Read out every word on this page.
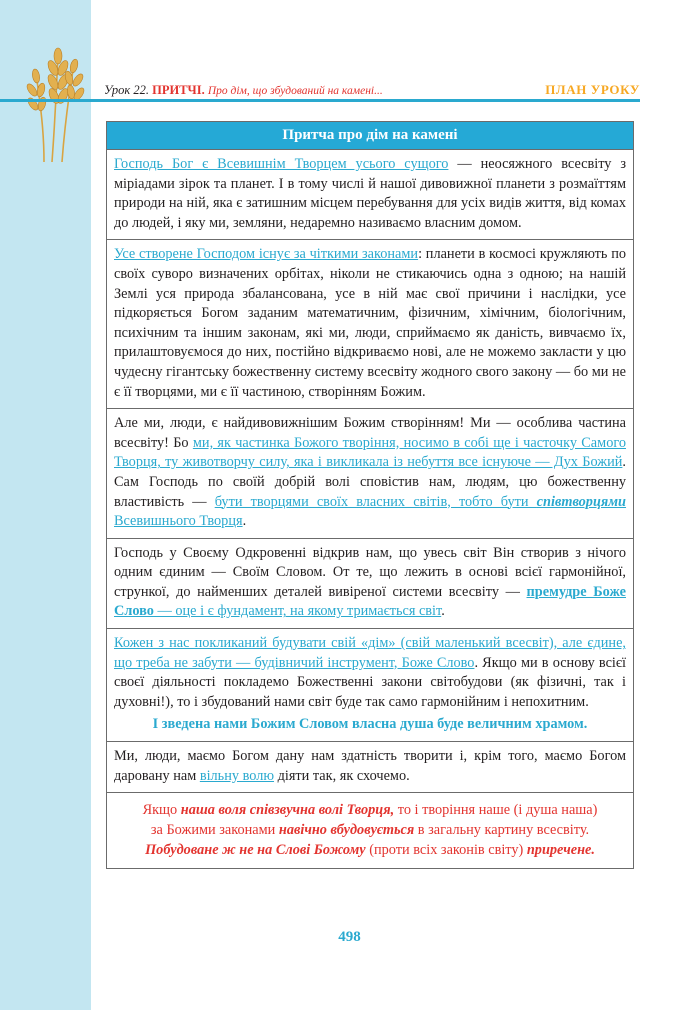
Урок 22. ПРИТЧІ. Про дім, що збудований на камені...	ПЛАН УРОКУ
Притча про дім на камені
Господь Бог є Всевишнім Творцем усього сущого — неосяжного всесвіту з міріадами зірок та планет. І в тому числі й нашої дивовижної планети з розмаїттям природи на ній, яка є затишним місцем перебування для усіх видів життя, від комах до людей, і яку ми, земляни, недаремно називаємо власним домом.
Усе створене Господом існує за чіткими законами: планети в космосі кружляють по своїх суворо визначених орбітах, ніколи не стикаючись одна з одною; на нашій Землі уся природа збалансована, усе в ній має свої причини і наслідки, усе підкоряється Богом заданим математичним, фізичним, хімічним, біологічним, психічним та іншим законам, які ми, люди, сприймаємо як даність, вивчаємо їх, прилаштовуємося до них, постійно відкриваємо нові, але не можемо закласти у цю чудесну гігантську божественну систему всесвіту жодного свого закону — бо ми не є її творцями, ми є її частиною, створінням Божим.
Але ми, люди, є найдивовижнішим Божим створінням! Ми — особлива частина всесвіту! Бо ми, як частинка Божого творіння, носимо в собі ще і часточку Самого Творця, ту животворчу силу, яка і викликала із небуття все існуюче — Дух Божий. Сам Господь по своїй добрій волі сповістив нам, людям, цю божественну властивість — бути творцями своїх власних світів, тобто бути співтворцями Всевишнього Творця.
Господь у Своєму Одкровенні відкрив нам, що увесь світ Він створив з нічого одним єдиним — Своїм Словом. От те, що лежить в основі всієї гармонійної, стрункої, до найменших деталей вивіреної системи всесвіту — премудре Боже Слово — оце і є фундамент, на якому тримається світ.
Кожен з нас покликаний будувати свій «дім» (свій маленький всесвіт), але єдине, що треба не забути — будівничий інструмент, Боже Слово. Якщо ми в основу всієї своєї діяльності покладемо Божественні закони світобудови (як фізичні, так і духовні!), то і збудований нами світ буде так само гармонійним і непохитним.
І зведена нами Божим Словом власна душа буде величним храмом.
Ми, люди, маємо Богом дану нам здатність творити і, крім того, маємо Богом даровану нам вільну волю діяти так, як схочемо.
Якщо наша воля співзвучна волі Творця, то і творіння наше (і душа наша)
за Божими законами навічно вбудовується в загальну картину всесвіту.
Побудоване ж не на Слові Божому (проти всіх законів світу) приречене.
498
